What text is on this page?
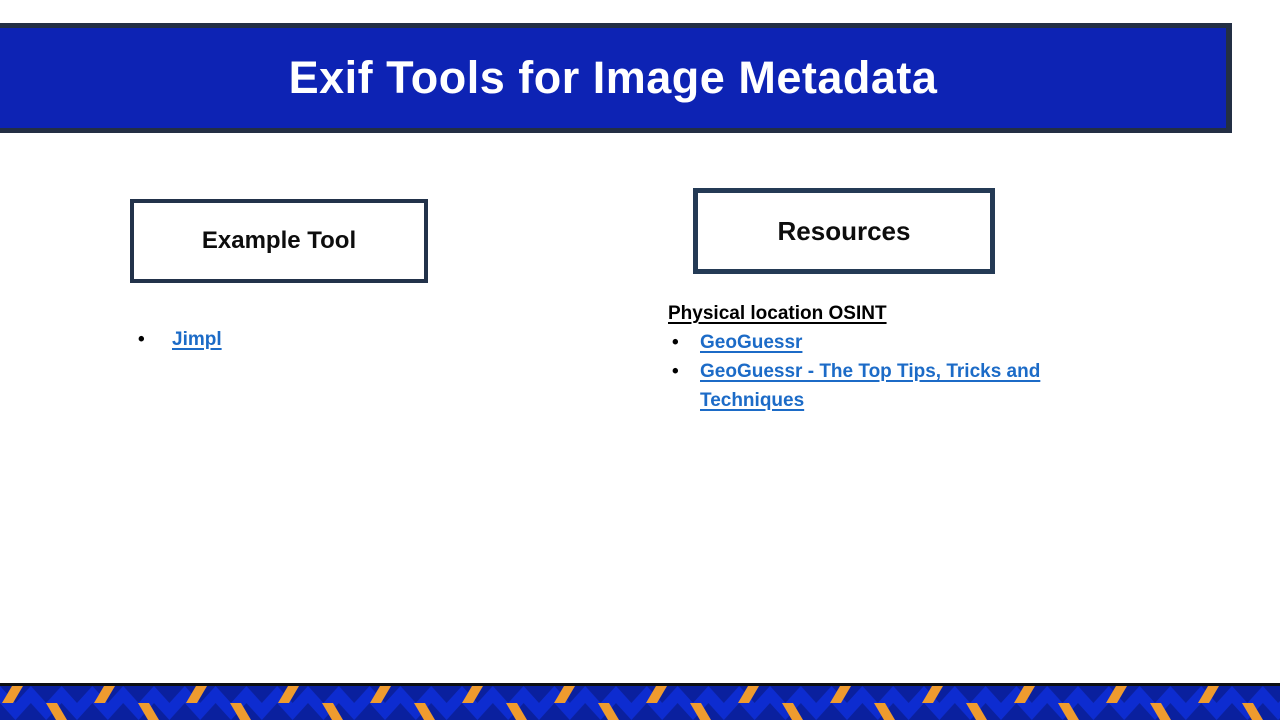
Exif Tools for Image Metadata
Example Tool	Resources
•	Jimpl
Physical location OSINT
•	GeoGuessr
•	GeoGuessr - The Top Tips, Tricks and Techniques
